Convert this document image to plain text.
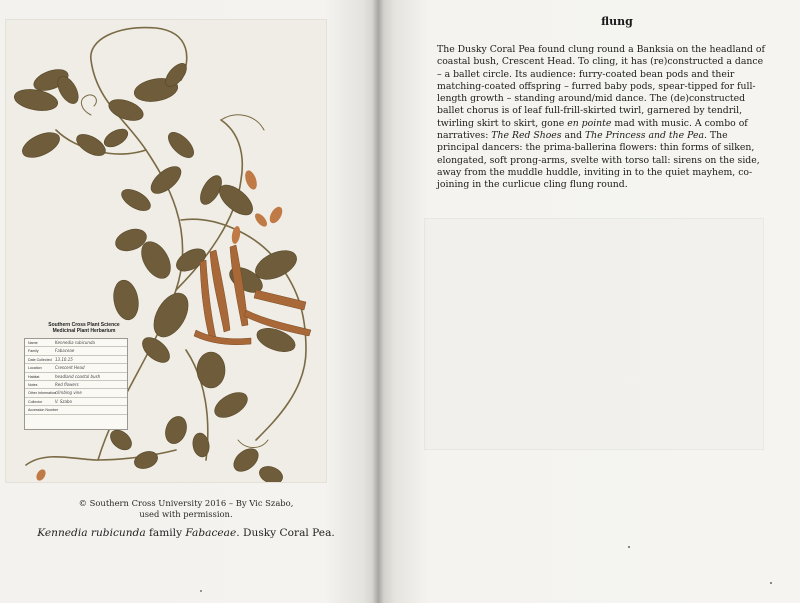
Southern Cross Plant Science
Medicinal Plant Herbarium
Name	Kennedia rubicunda
Family	Fabaceae
Date Collected 13.10.15
Location	Crescent Head
Habitat	headland coastal bush
Notes	Red flowers
Other Information climbing vine
Collector	V. Szabo
Accession Number
© Southern Cross University 2016 – By Vic Szabo,
used with permission.
Kennedia rubicunda family Fabaceae. Dusky Coral Pea.
flung

The Dusky Coral Pea found clung round a Banksia on the headland of coastal bush, Crescent Head. To cling, it has (re)constructed a dance – a ballet circle. Its audience: furry-coated bean pods and their matching-coated offspring – furred baby pods, spear-tipped for full-length growth – standing around/mid dance. The (de)constructed ballet chorus is of leaf full-frill-skirted twirl, garnered by tendril, twirling skirt to skirt, gone en pointe mad with music. A combo of narratives: The Red Shoes and The Princess and the Pea. The principal dancers: the prima-ballerina flowers: thin forms of silken, elongated, soft prong-arms, svelte with torso tall: sirens on the side, away from the muddle huddle, inviting in to the quiet mayhem, co-joining in the curlicue cling flung round.
